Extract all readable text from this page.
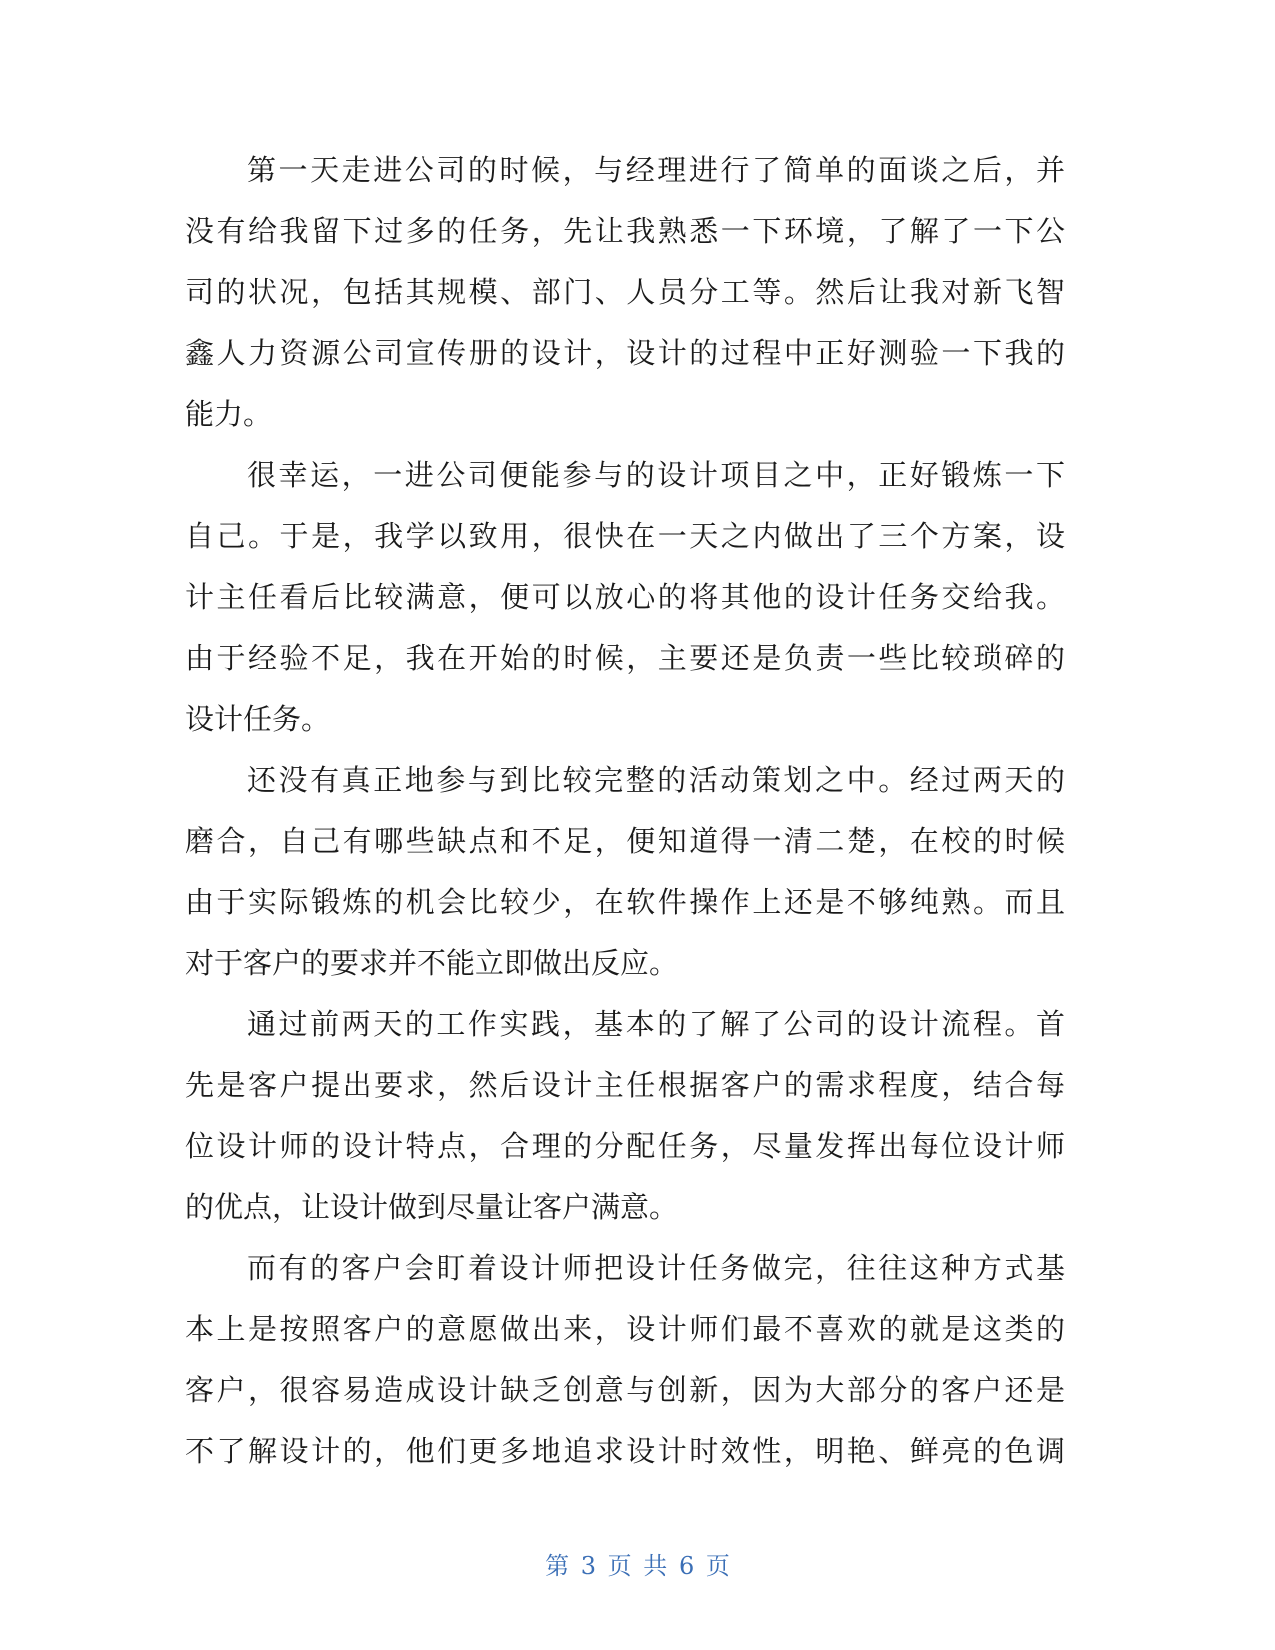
第一天走进公司的时候，与经理进行了简单的面谈之后，并
没有给我留下过多的任务，先让我熟悉一下环境，了解了一下公
司的状况，包括其规模、部门、人员分工等。然后让我对新飞智
鑫人力资源公司宣传册的设计，设计的过程中正好测验一下我的
能力。
很幸运，一进公司便能参与的设计项目之中，正好锻炼一下
自己。于是，我学以致用，很快在一天之内做出了三个方案，设
计主任看后比较满意，便可以放心的将其他的设计任务交给我。
由于经验不足，我在开始的时候，主要还是负责一些比较琐碎的
设计任务。
还没有真正地参与到比较完整的活动策划之中。经过两天的
磨合，自己有哪些缺点和不足，便知道得一清二楚，在校的时候
由于实际锻炼的机会比较少，在软件操作上还是不够纯熟。而且
对于客户的要求并不能立即做出反应。
通过前两天的工作实践，基本的了解了公司的设计流程。首
先是客户提出要求，然后设计主任根据客户的需求程度，结合每
位设计师的设计特点，合理的分配任务，尽量发挥出每位设计师
的优点，让设计做到尽量让客户满意。
而有的客户会盯着设计师把设计任务做完，往往这种方式基
本上是按照客户的意愿做出来，设计师们最不喜欢的就是这类的
客户，很容易造成设计缺乏创意与创新，因为大部分的客户还是
不了解设计的，他们更多地追求设计时效性，明艳、鲜亮的色调
第 3 页 共 6 页
